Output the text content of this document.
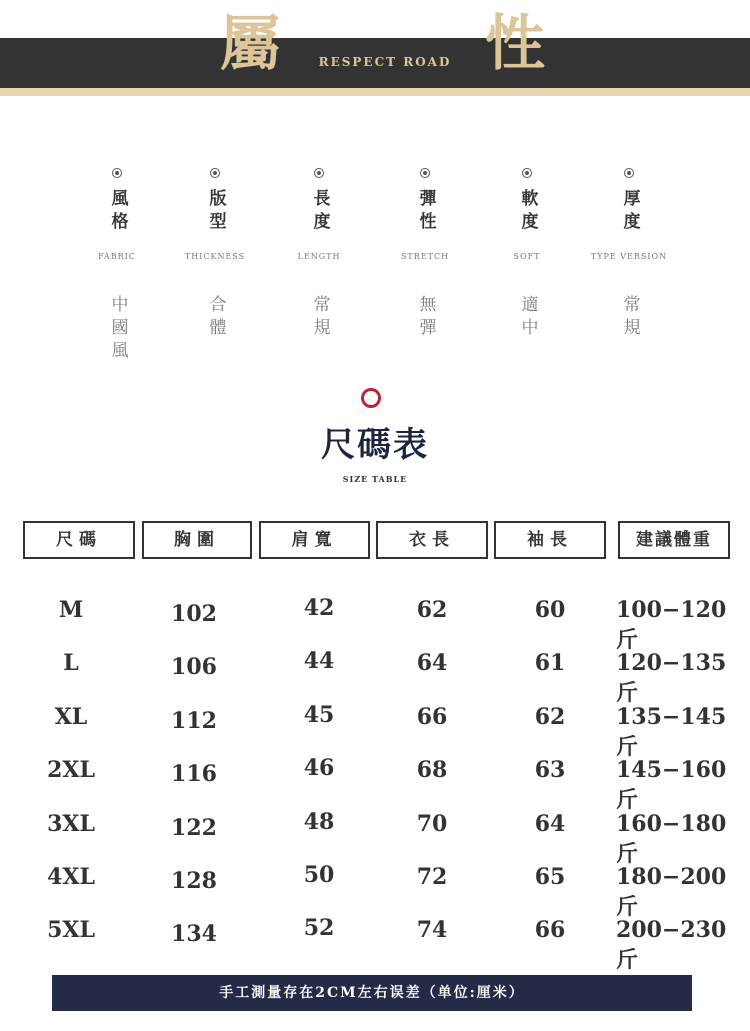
屬	性
RESPECT ROAD
風格
FABRIC
中國風
版型
THICKNESS
合體
長度
LENGTH
常規
彈性
STRETCH
無彈
軟度
SOFT
適中
厚度
TYPE VERSION
常規
尺碼表
SIZE TABLE
尺碼	胸圍	肩寬	衣長	袖長	建議體重
M	102	42	62	60	100−120斤
L	106	44	64	61	120−135斤
XL	112	45	66	62	135−145斤
2XL	116	46	68	63	145−160斤
3XL	122	48	70	64	160−180斤
4XL	128	50	72	65	180−200斤
5XL	134	52	74	66	200−230斤
手工測量存在2CM左右误差（单位:厘米）
